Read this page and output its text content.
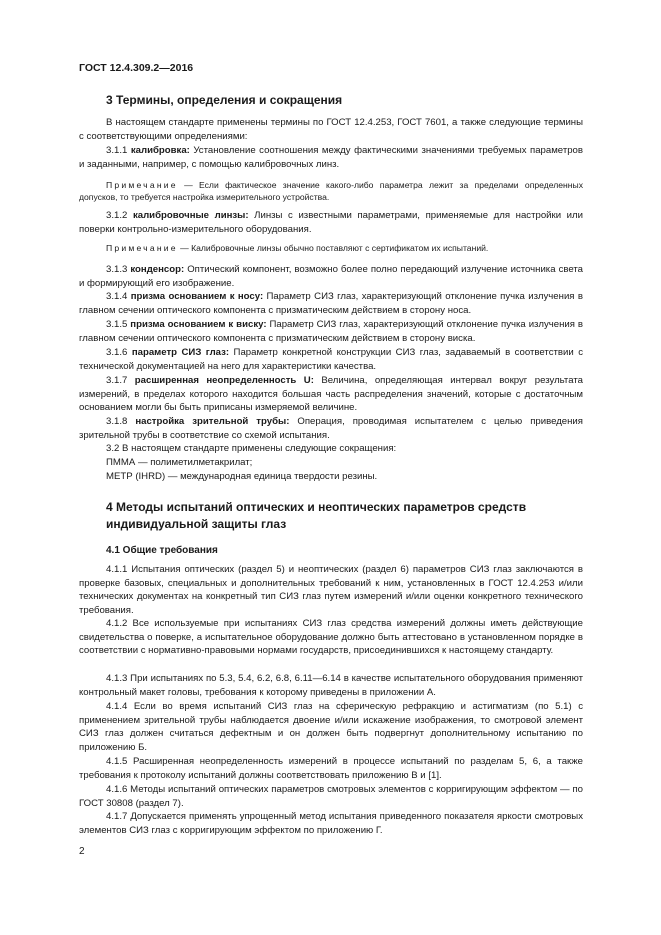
ГОСТ 12.4.309.2—2016
3 Термины, определения и сокращения

В настоящем стандарте применены термины по ГОСТ 12.4.253, ГОСТ 7601, а также следующие термины с соответствующими определениями:

3.1.1 калибровка: Установление соотношения между фактическими значениями требуемых параметров и заданными, например, с помощью калибровочных линз.

Примечание — Если фактическое значение какого-либо параметра лежит за пределами определенных допусков, то требуется настройка измерительного устройства.

3.1.2 калибровочные линзы: Линзы с известными параметрами, применяемые для настройки или поверки контрольно-измерительного оборудования.

Примечание — Калибровочные линзы обычно поставляют с сертификатом их испытаний.

3.1.3 конденсор: Оптический компонент, возможно более полно передающий излучение источника света и формирующий его изображение.

3.1.4 призма основанием к носу: Параметр СИЗ глаз, характеризующий отклонение пучка излучения в главном сечении оптического компонента с призматическим действием в сторону носа.

3.1.5 призма основанием к виску: Параметр СИЗ глаз, характеризующий отклонение пучка излучения в главном сечении оптического компонента с призматическим действием в сторону виска.

3.1.6 параметр СИЗ глаз: Параметр конкретной конструкции СИЗ глаз, задаваемый в соответствии с технической документацией на него для характеристики качества.

3.1.7 расширенная неопределенность U: Величина, определяющая интервал вокруг результата измерений, в пределах которого находится большая часть распределения значений, которые с достаточным основанием могли бы быть приписаны измеряемой величине.

3.1.8 настройка зрительной трубы: Операция, проводимая испытателем с целью приведения зрительной трубы в соответствие со схемой испытания.

3.2 В настоящем стандарте применены следующие сокращения:
ПММА — полиметилметакрилат;
МЕТР (IHRD) — международная единица твердости резины.
4 Методы испытаний оптических и неоптических параметров средств
индивидуальной защиты глаз
4.1 Общие требования

4.1.1 Испытания оптических (раздел 5) и неоптических (раздел 6) параметров СИЗ глаз заключаются в проверке базовых, специальных и дополнительных требований к ним, установленных в ГОСТ 12.4.253 и/или технических документах на конкретный тип СИЗ глаз путем измерений и/или оценки конкретного технического требования.

4.1.2 Все используемые при испытаниях СИЗ глаз средства измерений должны иметь действующие свидетельства о поверке, а испытательное оборудование должно быть аттестовано в установленном порядке в соответствии с нормативно-правовыми нормами государств, присоединившихся к настоящему стандарту.

4.1.3 При испытаниях по 5.3, 5.4, 6.2, 6.8, 6.11—6.14 в качестве испытательного оборудования применяют контрольный макет головы, требования к которому приведены в приложении А.

4.1.4 Если во время испытаний СИЗ глаз на сферическую рефракцию и астигматизм (по 5.1) с применением зрительной трубы наблюдается двоение и/или искажение изображения, то смотровой элемент СИЗ глаз должен считаться дефектным и он должен быть подвергнут дополнительному испытанию по приложению Б.

4.1.5 Расширенная неопределенность измерений в процессе испытаний по разделам 5, 6, а также требования к протоколу испытаний должны соответствовать приложению В и [1].

4.1.6 Методы испытаний оптических параметров смотровых элементов с корригирующим эффектом — по ГОСТ 30808 (раздел 7).

4.1.7 Допускается применять упрощенный метод испытания приведенного показателя яркости смотровых элементов СИЗ глаз с корригирующим эффектом по приложению Г.

2
